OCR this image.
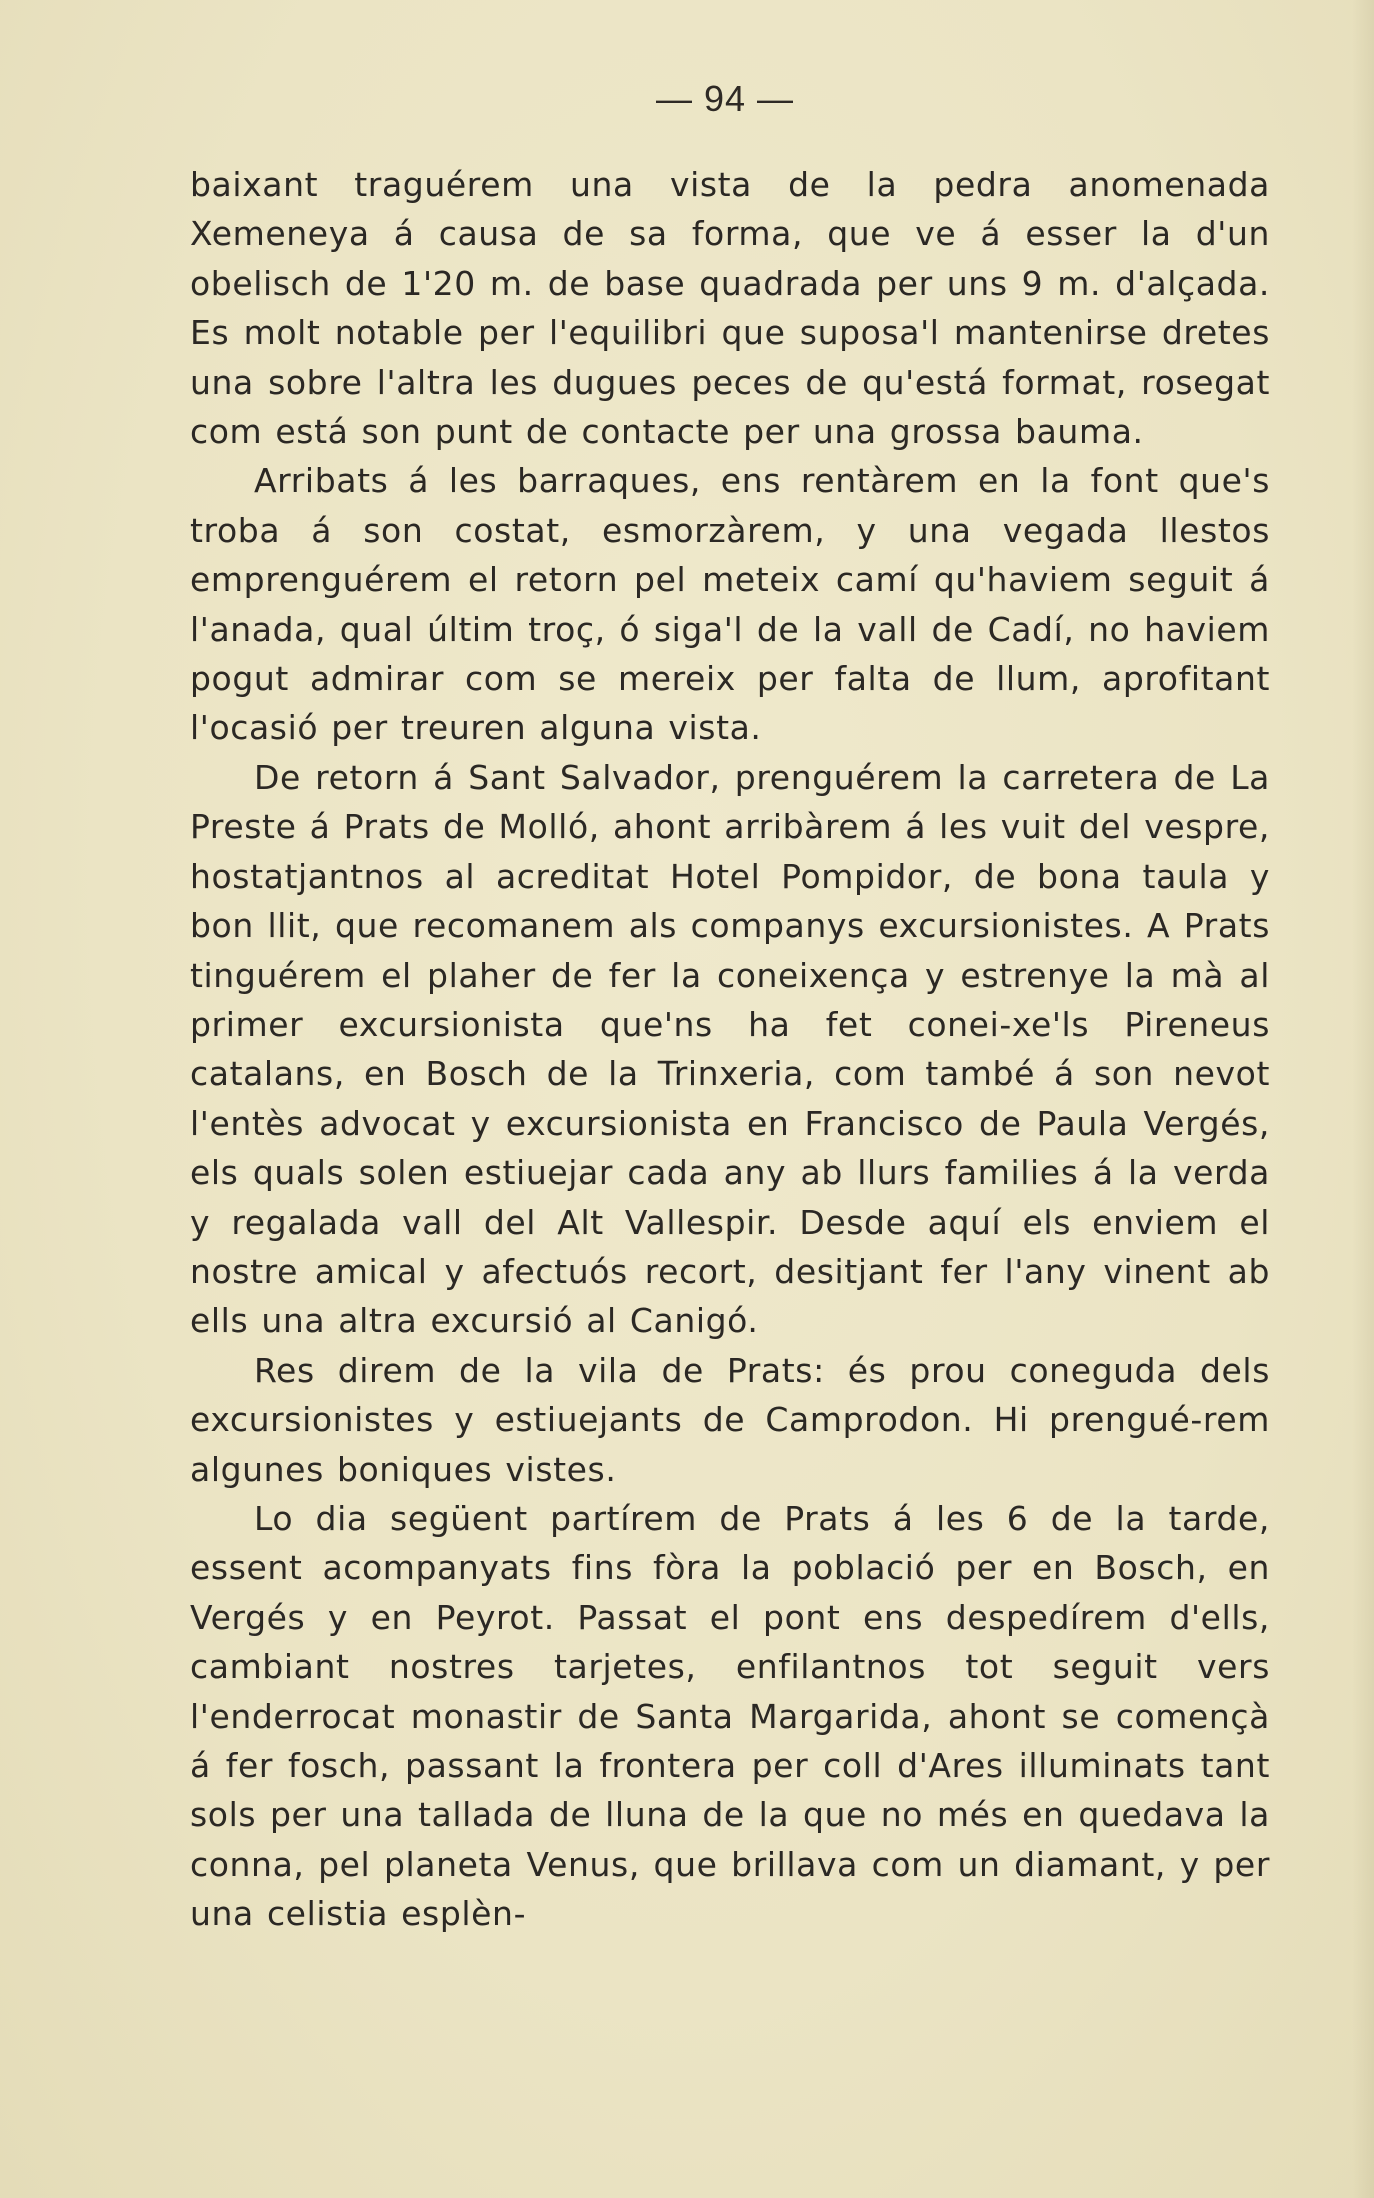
— 94 —

baixant traguérem una vista de la pedra anomenada Xemeneya á causa de sa forma, que ve á esser la d'un obelisch de 1'20 m. de base quadrada per uns 9 m. d'alçada. Es molt notable per l'equilibri que suposa'l mantenirse dretes una sobre l'altra les dugues peces de qu'está format, rosegat com está son punt de contacte per una grossa bauma.

Arribats á les barraques, ens rentàrem en la font que's troba á son costat, esmorzàrem, y una vegada llestos emprenguérem el retorn pel meteix camí qu'haviem seguit á l'anada, qual últim troç, ó siga'l de la vall de Cadí, no haviem pogut admirar com se mereix per falta de llum, aprofitant l'ocasió per treuren alguna vista.

De retorn á Sant Salvador, prenguérem la carretera de La Preste á Prats de Molló, ahont arribàrem á les vuit del vespre, hostatjantnos al acreditat Hotel Pompidor, de bona taula y bon llit, que recomanem als companys excursionistes. A Prats tinguérem el plaher de fer la coneixença y estrenye la mà al primer excursionista que'ns ha fet conei-xe'ls Pireneus catalans, en Bosch de la Trinxeria, com també á son nevot l'entès advocat y excursionista en Francisco de Paula Vergés, els quals solen estiuejar cada any ab llurs families á la verda y regalada vall del Alt Vallespir. Desde aquí els enviem el nostre amical y afectuós recort, desitjant fer l'any vinent ab ells una altra excursió al Canigó.

Res direm de la vila de Prats: és prou coneguda dels excursionistes y estiuejants de Camprodon. Hi prengué-rem algunes boniques vistes.

Lo dia següent partírem de Prats á les 6 de la tarde, essent acompanyats fins fòra la població per en Bosch, en Vergés y en Peyrot. Passat el pont ens despedírem d'ells, cambiant nostres tarjetes, enfilantnos tot seguit vers l'enderrocat monastir de Santa Margarida, ahont se començà á fer fosch, passant la frontera per coll d'Ares illuminats tant sols per una tallada de lluna de la que no més en quedava la conna, pel planeta Venus, que brillava com un diamant, y per una celistia esplèn-
